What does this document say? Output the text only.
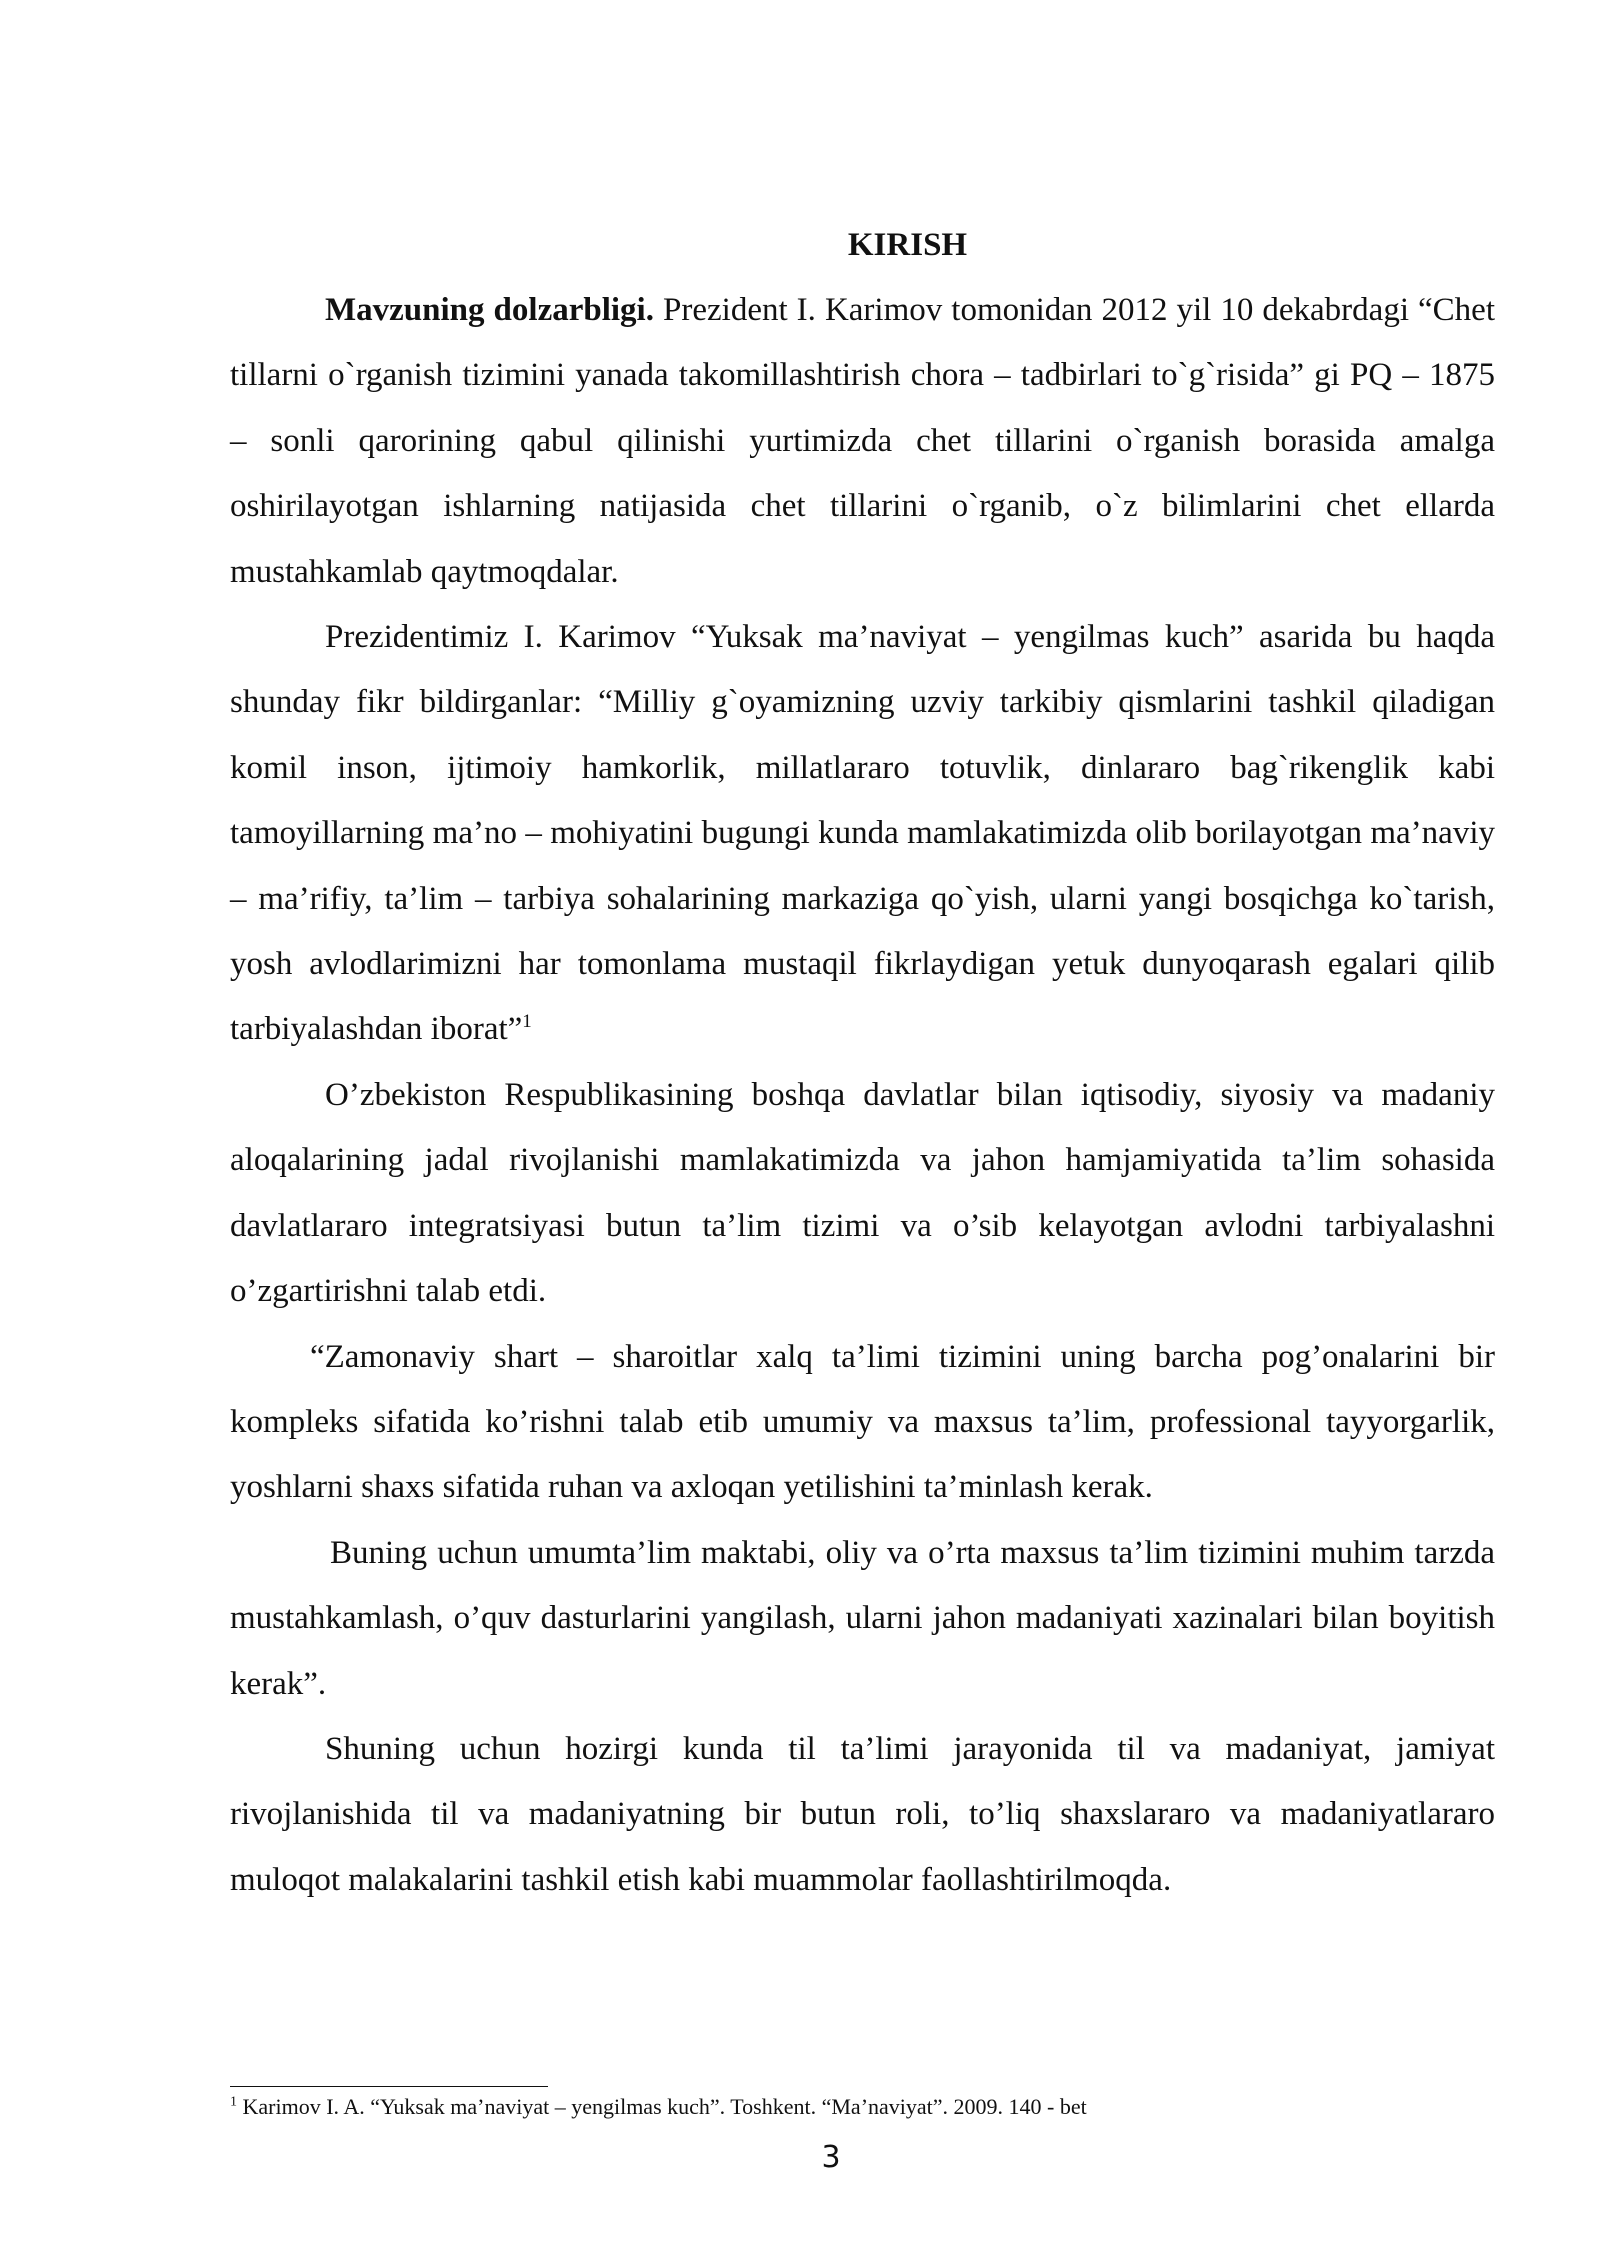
KIRISH

Mavzuning dolzarbligi. Prezident I. Karimov tomonidan 2012 yil 10 dekabrdagi “Chet tillarni o`rganish tizimini yanada takomillashtirish chora – tadbirlari to`g`risida” gi PQ – 1875 – sonli qarorining qabul qilinishi yurtimizda chet tillarini o`rganish borasida amalga oshirilayotgan ishlarning natijasida chet tillarini o`rganib, o`z bilimlarini chet ellarda mustahkamlab qaytmoqdalar.

Prezidentimiz I. Karimov “Yuksak ma’naviyat – yengilmas kuch” asarida bu haqda shunday fikr bildirganlar: “Milliy g`oyamizning uzviy tarkibiy qismlarini tashkil qiladigan komil inson, ijtimoiy hamkorlik, millatlararo totuvlik, dinlararo bag`rikenglik kabi tamoyillarning ma’no – mohiyatini bugungi kunda mamlakatimizda olib borilayotgan ma’naviy – ma’rifiy, ta’lim – tarbiya sohalarining markaziga qo`yish, ularni yangi bosqichga ko`tarish, yosh avlodlarimizni har tomonlama mustaqil fikrlaydigan yetuk dunyoqarash egalari qilib tarbiyalashdan iborat”$^1$

O’zbekiston Respublikasining boshqa davlatlar bilan iqtisodiy, siyosiy va madaniy aloqalarining jadal rivojlanishi mamlakatimizda va jahon hamjamiyatida ta’lim sohasida davlatlararo integratsiyasi butun ta’lim tizimi va o’sib kelayotgan avlodni tarbiyalashni o’zgartirishni talab etdi.

“Zamonaviy shart – sharoitlar xalq ta’limi tizimini uning barcha pog’onalarini bir kompleks sifatida ko’rishni talab etib umumiy va maxsus ta’lim, professional tayyorgarlik, yoshlarni shaxs sifatida ruhan va axloqan yetilishini ta’minlash kerak.

Buning uchun umumta’lim maktabi, oliy va o’rta maxsus ta’lim tizimini muhim tarzda mustahkamlash, o’quv dasturlarini yangilash, ularni jahon madaniyati xazinalari bilan boyitish kerak”.

Shuning uchun hozirgi kunda til ta’limi jarayonida til va madaniyat, jamiyat rivojlanishida til va madaniyatning bir butun roli, to’liq shaxslararo va madaniyatlararo muloqot malakalarini tashkil etish kabi muammolar faollashtirilmoqda.

$^1$ Karimov I. A. “Yuksak ma’naviyat – yengilmas kuch”. Toshkent. “Ma’naviyat”. 2009. 140 - bet
3
